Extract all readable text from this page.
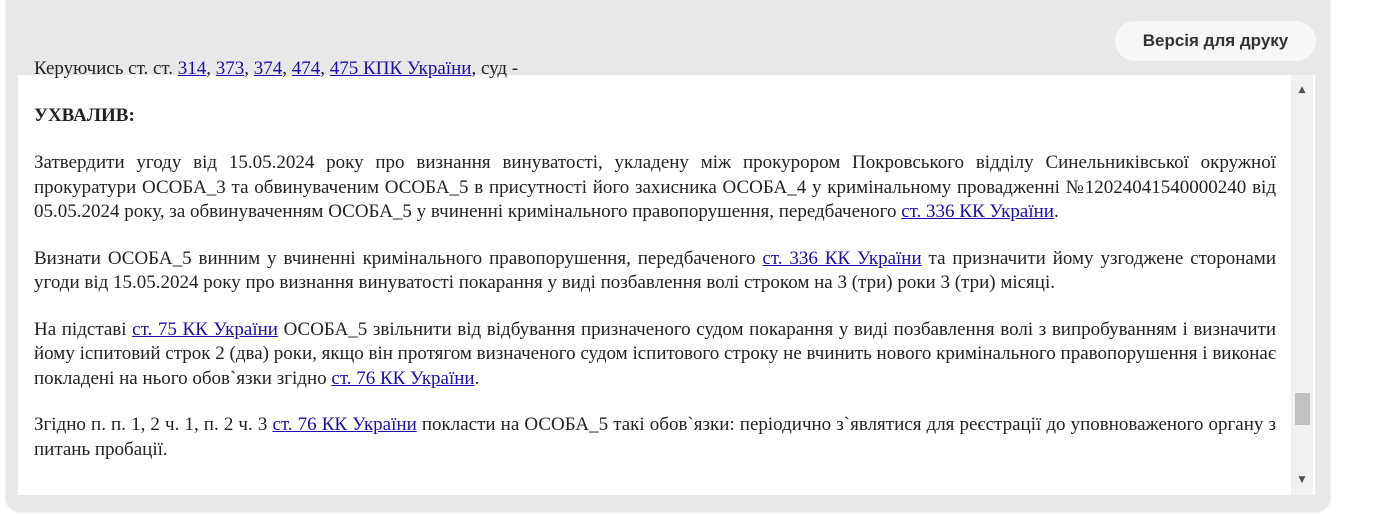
Версія для друку

Керуючись ст. ст. 314, 373, 374, 474, 475 КПК України, суд -

УХВАЛИВ:

Затвердити угоду від 15.05.2024 року про визнання винуватості, укладену між прокурором Покровського відділу Синельниківської окружної прокуратури ОСОБА_3 та обвинуваченим ОСОБА_5 в присутності його захисника ОСОБА_4 у кримінальному провадженні №12024041540000240 від 05.05.2024 року, за обвинуваченням ОСОБА_5 у вчиненні кримінального правопорушення, передбаченого ст. 336 КК України.

Визнати ОСОБА_5 винним у вчиненні кримінального правопорушення, передбаченого ст. 336 КК України та призначити йому узгоджене сторонами угоди від 15.05.2024 року про визнання винуватості покарання у виді позбавлення волі строком на 3 (три) роки 3 (три) місяці.

На підставі ст. 75 КК України ОСОБА_5 звільнити від відбування призначеного судом покарання у виді позбавлення волі з випробуванням і визначити йому іспитовий строк 2 (два) роки, якщо він протягом визначеного судом іспитового строку не вчинить нового кримінального правопорушення і виконає покладені на нього обов`язки згідно ст. 76 КК України.

Згідно п. п. 1, 2 ч. 1, п. 2 ч. 3 ст. 76 КК України покласти на ОСОБА_5 такі обов`язки: періодично з`являтися для реєстрації до уповноваженого органу з питань пробації.

▲
▼
